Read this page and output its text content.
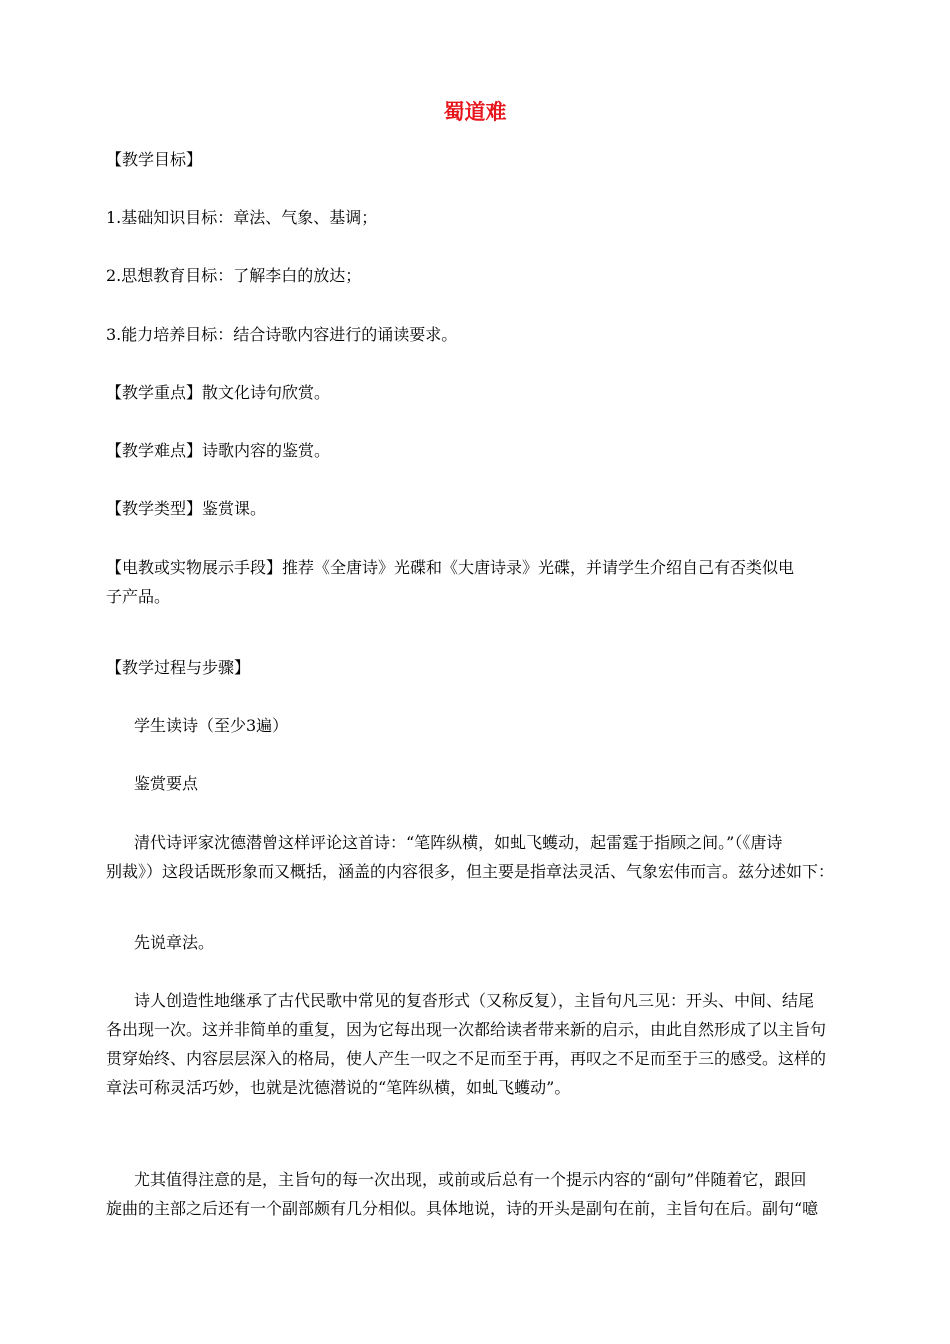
蜀道难

【教学目标】

1.基础知识目标：章法、气象、基调；

2.思想教育目标：了解李白的放达；

3.能力培养目标：结合诗歌内容进行的诵读要求。

【教学重点】散文化诗句欣赏。

【教学难点】诗歌内容的鉴赏。

【教学类型】鉴赏课。

【电教或实物展示手段】推荐《全唐诗》光碟和《大唐诗录》光碟，并请学生介绍自己有否类似电
子产品。

【教学过程与步骤】

学生读诗（至少3遍）

鉴赏要点

清代诗评家沈德潜曾这样评论这首诗：“笔阵纵横，如虬飞蠖动，起雷霆于指顾之间。”（《唐诗
别裁》）这段话既形象而又概括，涵盖的内容很多，但主要是指章法灵活、气象宏伟而言。兹分述如下：

先说章法。

诗人创造性地继承了古代民歌中常见的复沓形式（又称反复），主旨句凡三见：开头、中间、结尾
各出现一次。这并非简单的重复，因为它每出现一次都给读者带来新的启示，由此自然形成了以主旨句
贯穿始终、内容层层深入的格局，使人产生一叹之不足而至于再，再叹之不足而至于三的感受。这样的
章法可称灵活巧妙，也就是沈德潜说的“笔阵纵横，如虬飞蠖动”。
尤其值得注意的是，主旨句的每一次出现，或前或后总有一个提示内容的“副句”伴随着它，跟回
旋曲的主部之后还有一个副部颇有几分相似。具体地说，诗的开头是副句在前，主旨句在后。副句“噫
